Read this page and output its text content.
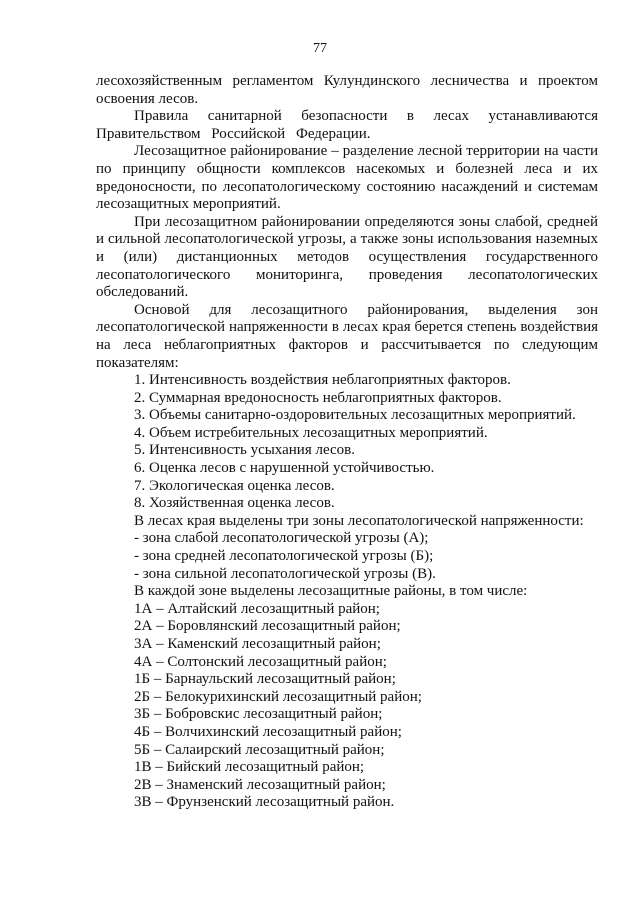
77

лесохозяйственным регламентом Кулундинского лесничества и проектом освоения лесов.

Правила санитарной безопасности в лесах устанавливаются Правительством Российской Федерации.

Лесозащитное районирование – разделение лесной территории на части по принципу общности комплексов насекомых и болезней леса и их вредоносности, по лесопатологическому состоянию насаждений и системам лесозащитных мероприятий.

При лесозащитном районировании определяются зоны слабой, средней и сильной лесопатологической угрозы, а также зоны использования наземных и (или) дистанционных методов осуществления государственного лесопатологического мониторинга, проведения лесопатологических обследований.

Основой для лесозащитного районирования, выделения зон лесопатологической напряженности в лесах края берется степень воздействия на леса неблагоприятных факторов и рассчитывается по следующим показателям:

1. Интенсивность воздействия неблагоприятных факторов.

2. Суммарная вредоносность неблагоприятных факторов.

3. Объемы санитарно-оздоровительных лесозащитных мероприятий.

4. Объем истребительных лесозащитных мероприятий.

5. Интенсивность усыхания лесов.

6. Оценка лесов с нарушенной устойчивостью.

7. Экологическая оценка лесов.

8. Хозяйственная оценка лесов.

В лесах края выделены три зоны лесопатологической напряженности:

- зона слабой лесопатологической угрозы (А);

- зона средней лесопатологической угрозы (Б);

- зона сильной лесопатологической угрозы (В).

В каждой зоне выделены лесозащитные районы, в том числе:

1А – Алтайский лесозащитный район;

2А – Боровлянский лесозащитный район;

3А – Каменский лесозащитный район;

4А – Солтонский лесозащитный район;

1Б – Барнаульский лесозащитный район;

2Б – Белокурихинский лесозащитный район;

3Б – Бобровскис лесозащитный район;

4Б – Волчихинский лесозащитный район;

5Б – Салаирский лесозащитный район;

1В – Бийский лесозащитный район;

2В – Знаменский лесозащитный район;

3В – Фрунзенский лесозащитный район.
